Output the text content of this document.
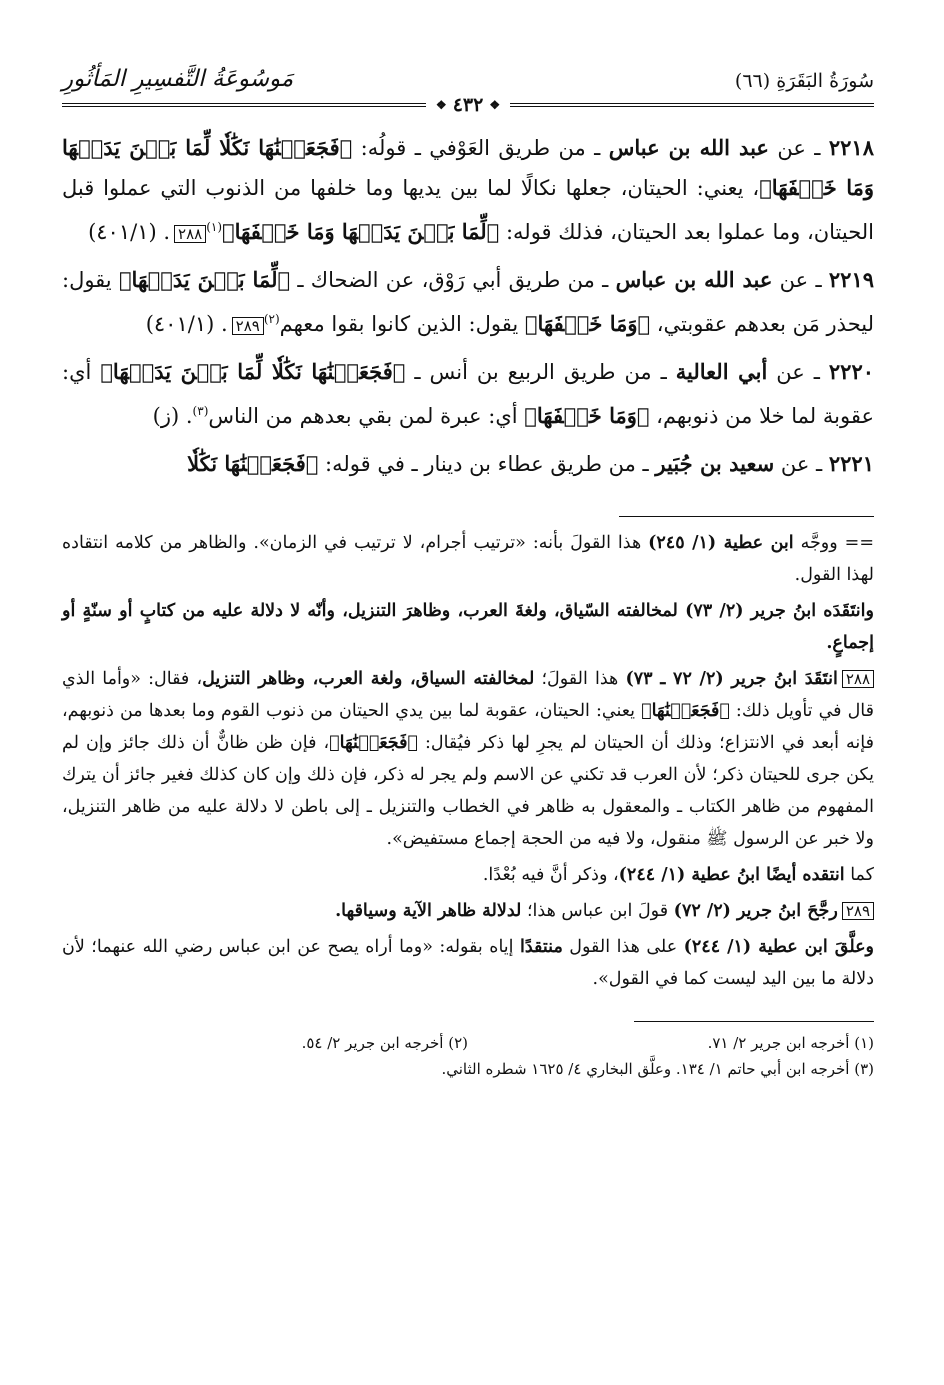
سُورَةُ البَقَرَةِ (٦٦)
مَوسُوعَةُ التَّفسِيرِ المَأثُورِ
❖
٤٣٢
❖

٢٢١٨ ـ عن عبد الله بن عباس ـ من طريق العَوْفي ـ قولُه: ﴿فَجَعَلۡنَٰهَا نَكَٰلٗا لِّمَا بَيۡنَ يَدَيۡهَا وَمَا خَلۡفَهَا﴾، يعني: الحيتان، جعلها نكالًا لما بين يديها وما خلفها من الذنوب التي عملوا قبل الحيتان، وما عملوا بعد الحيتان، فذلك قوله: ﴿لِّمَا بَيۡنَ يَدَيۡهَا وَمَا خَلۡفَهَا﴾$^{(١)}$٢٨٨. (٤٠١/١)

٢٢١٩ ـ عن عبد الله بن عباس ـ من طريق أبي رَوْق، عن الضحاك ـ ﴿لِّمَا بَيۡنَ يَدَيۡهَا﴾ يقول: ليحذر مَن بعدهم عقوبتي، ﴿وَمَا خَلۡفَهَا﴾ يقول: الذين كانوا بقوا معهم$^{(٢)}$٢٨٩. (٤٠١/١)

٢٢٢٠ ـ عن أبي العالية ـ من طريق الربيع بن أنس ـ ﴿فَجَعَلۡنَٰهَا نَكَٰلٗا لِّمَا بَيۡنَ يَدَيۡهَا﴾ أي: عقوبة لما خلا من ذنوبهم، ﴿وَمَا خَلۡفَهَا﴾ أي: عبرة لمن بقي بعدهم من الناس$^{(٣)}$. (ز)

٢٢٢١ ـ عن سعيد بن جُبَير ـ من طريق عطاء بن دينار ـ في قوله: ﴿فَجَعَلۡنَٰهَا نَكَٰلٗا

== ووجَّه ابن عطية (١/ ٢٤٥) هذا القولَ بأنه: «ترتيب أجرام، لا ترتيب في الزمان». والظاهر من كلامه انتقاده لهذا القول.

وانتَقَدَه ابنُ جرير (٢/ ٧٣) لمخالفته السّياق، ولغةَ العرب، وظاهرَ التنزيل، وأنّه لا دلالة عليه من كتابٍ أو سنّةٍ أو إجماعٍ.

٢٨٨انتَقَدَ ابنُ جرير (٢/ ٧٢ ـ ٧٣) هذا القولَ؛ لمخالفته السياق، ولغة العرب، وظاهر التنزيل، فقال: «وأما الذي قال في تأويل ذلك: ﴿فَجَعَلۡنَٰهَا﴾ يعني: الحيتان، عقوبة لما بين يدي الحيتان من ذنوب القوم وما بعدها من ذنوبهم، فإنه أبعد في الانتزاع؛ وذلك أن الحيتان لم يجرِ لها ذكر فيُقال: ﴿فَجَعَلۡنَٰهَا﴾، فإن ظن ظانٌّ أن ذلك جائز وإن لم يكن جرى للحيتان ذكر؛ لأن العرب قد تكني عن الاسم ولم يجر له ذكر، فإن ذلك وإن كان كذلك فغير جائز أن يترك المفهوم من ظاهر الكتاب ـ والمعقول به ظاهر في الخطاب والتنزيل ـ إلى باطن لا دلالة عليه من ظاهر التنزيل، ولا خبر عن الرسول ﷺ منقول، ولا فيه من الحجة إجماع مستفيض».

كما انتقده أيضًا ابنُ عطية (١/ ٢٤٤)، وذكر أنَّ فيه بُعْدًا.

٢٨٩رجَّحَ ابنُ جرير (٢/ ٧٢) قولَ ابن عباس هذا؛ لدلالة ظاهر الآية وسياقها.

وعلَّقَ ابن عطية (١/ ٢٤٤) على هذا القول منتقدًا إياه بقوله: «وما أراه يصح عن ابن عباس رضي الله عنهما؛ لأن دلالة ما بين اليد ليست كما في القول».

(١) أخرجه ابن جرير ٢/ ٧١.
(٢) أخرجه ابن جرير ٢/ ٥٤.
(٣) أخرجه ابن أبي حاتم ١/ ١٣٤. وعلَّق البخاري ٤/ ١٦٢٥ شطره الثاني.
